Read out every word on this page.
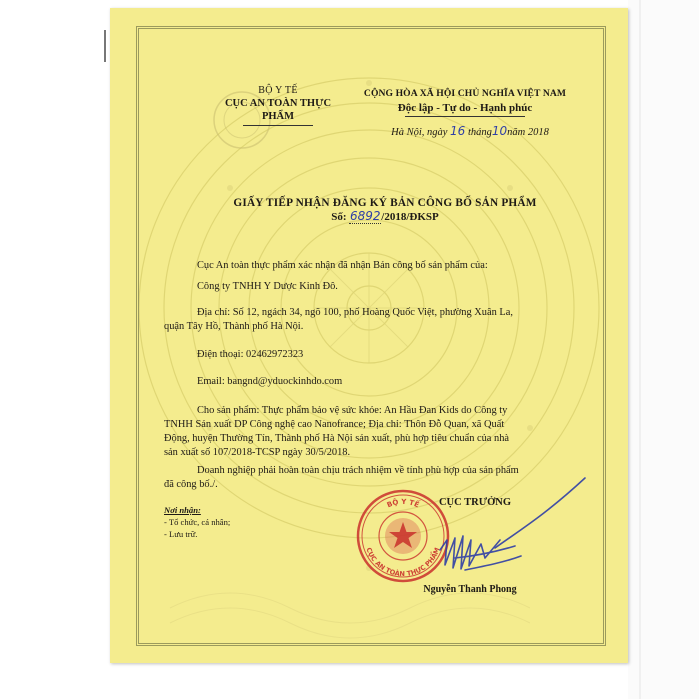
BỘ Y TẾ
CỤC AN TOÀN THỰC PHẨM
CỘNG HÒA XÃ HỘI CHỦ NGHĨA VIỆT NAM
Độc lập - Tự do - Hạnh phúc
Hà Nội, ngày 16 tháng10năm 2018
GIẤY TIẾP NHẬN ĐĂNG KÝ BẢN CÔNG BỐ SẢN PHẨM
Số: 6892/2018/ĐKSP
Cục An toàn thực phẩm xác nhận đã nhận Bản công bố sản phẩm của:
Công ty TNHH Y Dược Kinh Đô.
Địa chỉ: Số 12, ngách 34, ngõ 100, phố Hoàng Quốc Việt, phường Xuân La,
quận Tây Hồ, Thành phố Hà Nội.
Điện thoại: 02462972323
Email: bangnd@yduockinhdo.com
Cho sản phẩm: Thực phẩm bảo vệ sức khỏe: An Hầu Đan Kids do Công ty
TNHH Sản xuất DP Công nghệ cao Nanofrance; Địa chỉ: Thôn Đỗ Quan, xã Quất
Động, huyện Thường Tín, Thành phố Hà Nội sản xuất, phù hợp tiêu chuẩn của nhà
sản xuất số 107/2018-TCSP ngày 30/5/2018.
Doanh nghiệp phải hoàn toàn chịu trách nhiệm về tính phù hợp của sản phẩm
đã công bố./.
Nơi nhận:
- Tổ chức, cá nhân;
- Lưu trữ.
BỘ Y TẾ
CỤC AN TOÀN THỰC PHẨM
CỤC TRƯỞNG
Nguyễn Thanh Phong
